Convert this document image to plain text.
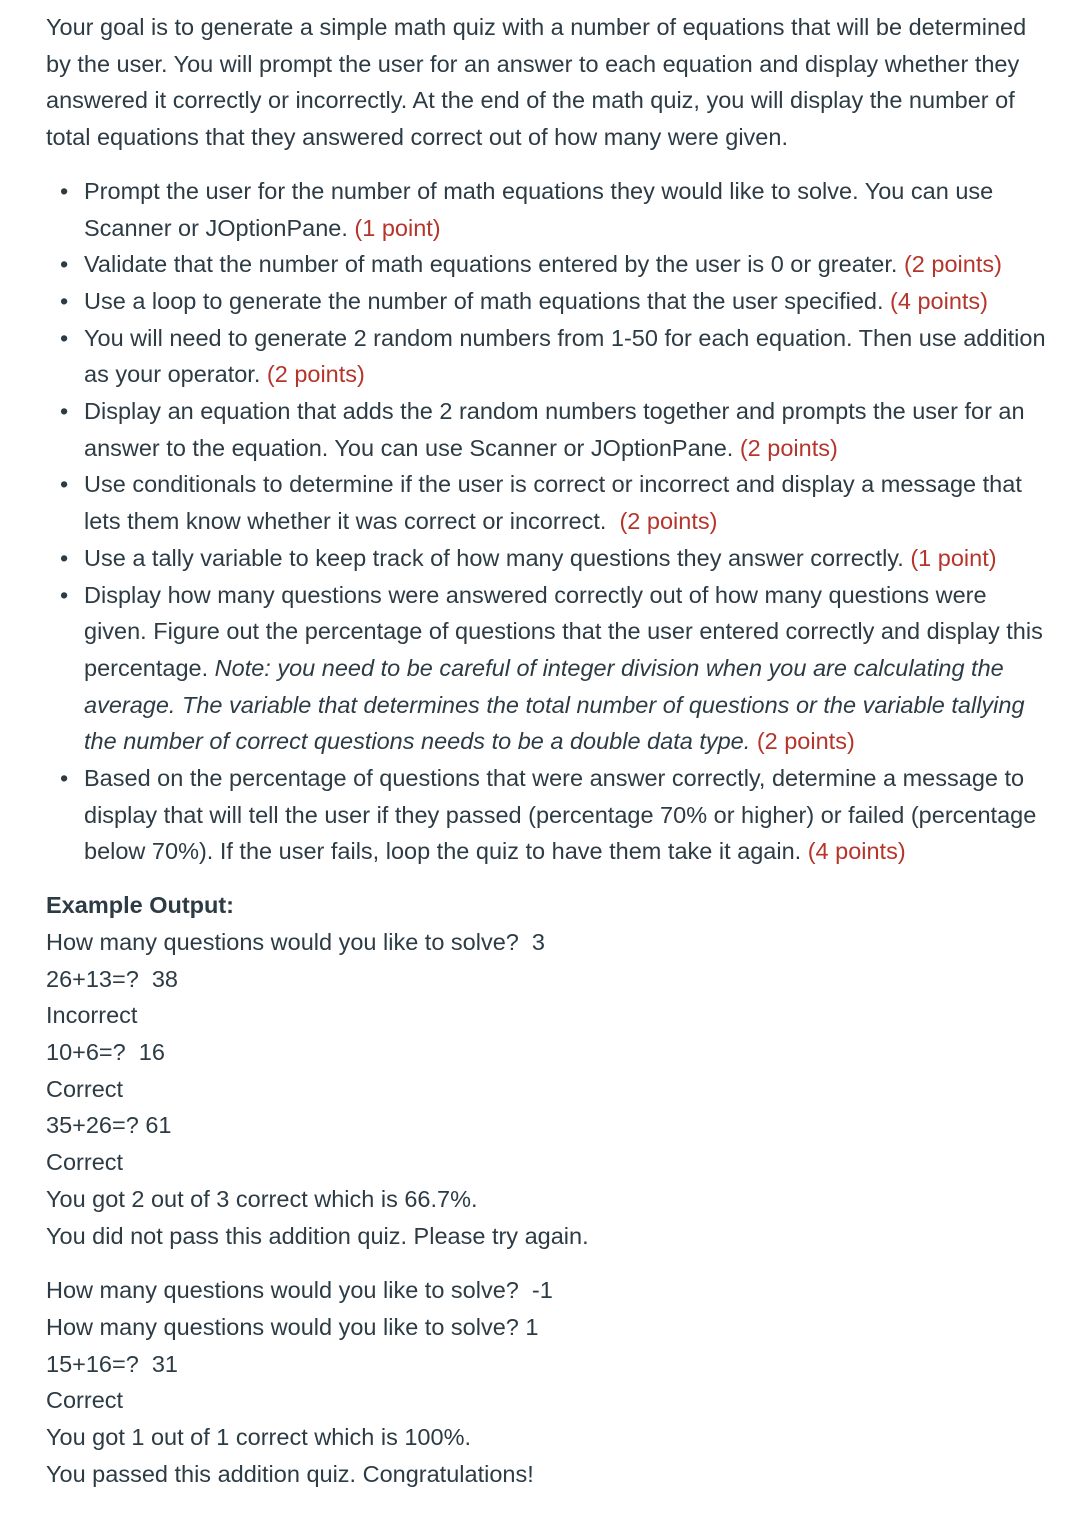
Your goal is to generate a simple math quiz with a number of equations that will be determined by the user. You will prompt the user for an answer to each equation and display whether they answered it correctly or incorrectly. At the end of the math quiz, you will display the number of total equations that they answered correct out of how many were given.

• Prompt the user for the number of math equations they would like to solve. You can use Scanner or JOptionPane. (1 point)
• Validate that the number of math equations entered by the user is 0 or greater. (2 points)
• Use a loop to generate the number of math equations that the user specified. (4 points)
• You will need to generate 2 random numbers from 1-50 for each equation. Then use addition as your operator. (2 points)
• Display an equation that adds the 2 random numbers together and prompts the user for an answer to the equation. You can use Scanner or JOptionPane. (2 points)
• Use conditionals to determine if the user is correct or incorrect and display a message that lets them know whether it was correct or incorrect. (2 points)
• Use a tally variable to keep track of how many questions they answer correctly. (1 point)
• Display how many questions were answered correctly out of how many questions were given. Figure out the percentage of questions that the user entered correctly and display this percentage. Note: you need to be careful of integer division when you are calculating the average. The variable that determines the total number of questions or the variable tallying the number of correct questions needs to be a double data type. (2 points)
• Based on the percentage of questions that were answer correctly, determine a message to display that will tell the user if they passed (percentage 70% or higher) or failed (percentage below 70%). If the user fails, loop the quiz to have them take it again. (4 points)

Example Output:

How many questions would you like to solve?  3

26+13=?  38

Incorrect

10+6=?  16

Correct

35+26=? 61

Correct

You got 2 out of 3 correct which is 66.7%.

You did not pass this addition quiz. Please try again.

How many questions would you like to solve?  -1

How many questions would you like to solve? 1

15+16=?  31

Correct

You got 1 out of 1 correct which is 100%.

You passed this addition quiz. Congratulations!
